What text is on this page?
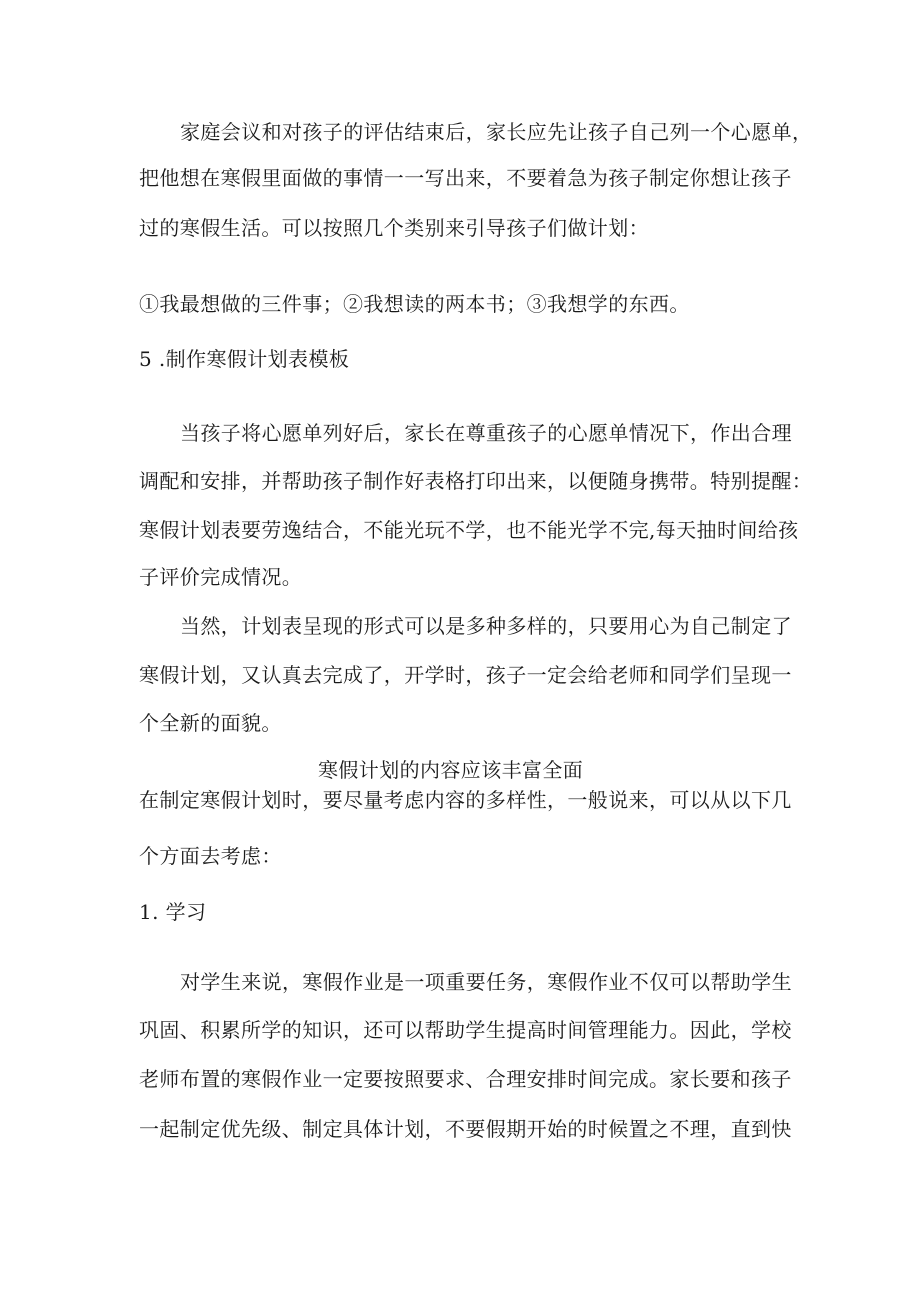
家庭会议和对孩子的评估结束后，家长应先让孩子自己列一个心愿单，
把他想在寒假里面做的事情一一写出来，不要着急为孩子制定你想让孩子
过的寒假生活。可以按照几个类别来引导孩子们做计划：
①我最想做的三件事；②我想读的两本书；③我想学的东西。
5 .制作寒假计划表模板
当孩子将心愿单列好后，家长在尊重孩子的心愿单情况下，作出合理
调配和安排，并帮助孩子制作好表格打印出来，以便随身携带。特别提醒：
寒假计划表要劳逸结合，不能光玩不学，也不能光学不完,每天抽时间给孩
子评价完成情况。
当然，计划表呈现的形式可以是多种多样的，只要用心为自己制定了
寒假计划，又认真去完成了，开学时，孩子一定会给老师和同学们呈现一
个全新的面貌。
寒假计划的内容应该丰富全面
在制定寒假计划时，要尽量考虑内容的多样性，一般说来，可以从以下几
个方面去考虑：
1. 学习
对学生来说，寒假作业是一项重要任务，寒假作业不仅可以帮助学生
巩固、积累所学的知识，还可以帮助学生提高时间管理能力。因此，学校
老师布置的寒假作业一定要按照要求、合理安排时间完成。家长要和孩子
一起制定优先级、制定具体计划，不要假期开始的时候置之不理，直到快
